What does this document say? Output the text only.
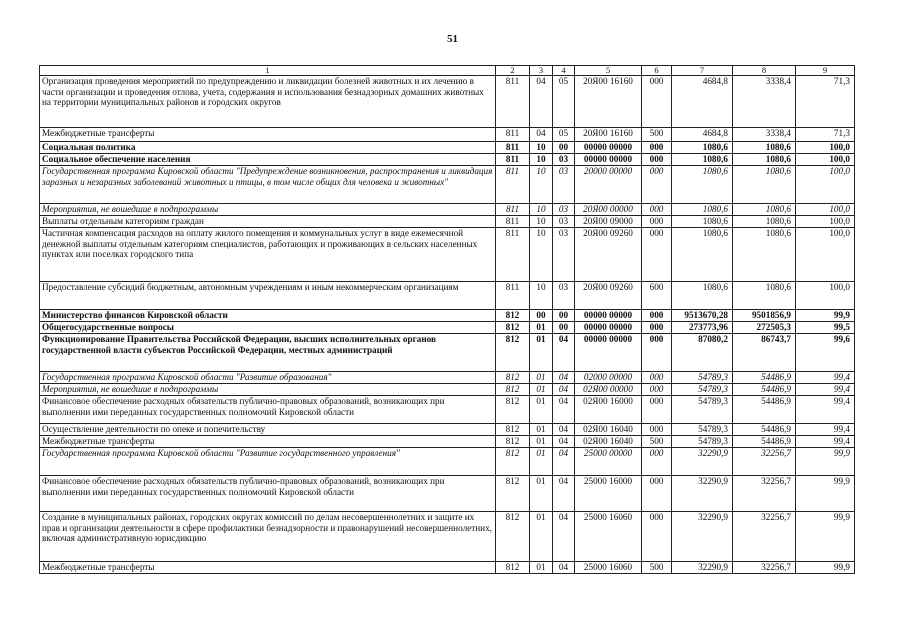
51
1	2	3	4	5	6	7	8	9
Организация проведения мероприятий по предупреждению и ликвидации болезней животных и их лечению в части организации и проведения отлова, учета, содержания и использования безнадзорных домашних животных на территории муниципальных районов и городских округов	811	04	05	20Я00 16160	000	4684,8	3338,4	71,3
Межбюджетные трансферты	811	04	05	20Я00 16160	500	4684,8	3338,4	71,3
Социальная политика	811	10	00	00000 00000	000	1080,6	1080,6	100,0
Социальное обеспечение населения	811	10	03	00000 00000	000	1080,6	1080,6	100,0
Государственная программа Кировской области "Предупреждение возникновения, распространения и ликвидация заразных и незаразных заболеваний животных и птицы, в том числе общих для человека и животных"	811	10	03	20000 00000	000	1080,6	1080,6	100,0
Мероприятия, не вошедшие в подпрограммы	811	10	03	20Я00 00000	000	1080,6	1080,6	100,0
Выплаты отдельным категориям граждан	811	10	03	20Я00 09000	000	1080,6	1080,6	100,0
Частичная компенсация расходов на оплату жилого помещения и коммунальных услуг в виде ежемесячной денежной выплаты отдельным категориям специалистов, работающих и проживающих в сельских населенных пунктах или поселках городского типа	811	10	03	20Я00 09260	000	1080,6	1080,6	100,0
Предоставление субсидий бюджетным, автономным учреждениям и иным некоммерческим организациям	811	10	03	20Я00 09260	600	1080,6	1080,6	100,0
Министерство финансов Кировской области	812	00	00	00000 00000	000	9513670,28	9501856,9	99,9
Общегосударственные вопросы	812	01	00	00000 00000	000	273773,96	272505,3	99,5
Функционирование Правительства Российской Федерации, высших исполнительных органов государственной власти субъектов Российской Федерации, местных администраций	812	01	04	00000 00000	000	87080,2	86743,7	99,6
Государственная программа Кировской области "Развитие образования"	812	01	04	02000 00000	000	54789,3	54486,9	99,4
Мероприятия, не вошедшие в подпрограммы	812	01	04	02Я00 00000	000	54789,3	54486,9	99,4
Финансовое обеспечение расходных обязательств публично-правовых образований, возникающих при выполнении ими переданных государственных полномочий Кировской области	812	01	04	02Я00 16000	000	54789,3	54486,9	99,4
Осуществление деятельности по опеке и попечительству	812	01	04	02Я00 16040	000	54789,3	54486,9	99,4
Межбюджетные трансферты	812	01	04	02Я00 16040	500	54789,3	54486,9	99,4
Государственная программа Кировской области "Развитие государственного управления"	812	01	04	25000 00000	000	32290,9	32256,7	99,9
Финансовое обеспечение расходных обязательств публично-правовых образований, возникающих при выполнении ими переданных государственных полномочий Кировской области	812	01	04	25000 16000	000	32290,9	32256,7	99,9
Создание в муниципальных районах, городских округах комиссий по делам несовершеннолетних и защите их прав и организации деятельности в сфере профилактики безнадзорности и правонарушений несовершеннолетних, включая административную юрисдикцию	812	01	04	25000 16060	000	32290,9	32256,7	99,9
Межбюджетные трансферты	812	01	04	25000 16060	500	32290,9	32256,7	99,9
